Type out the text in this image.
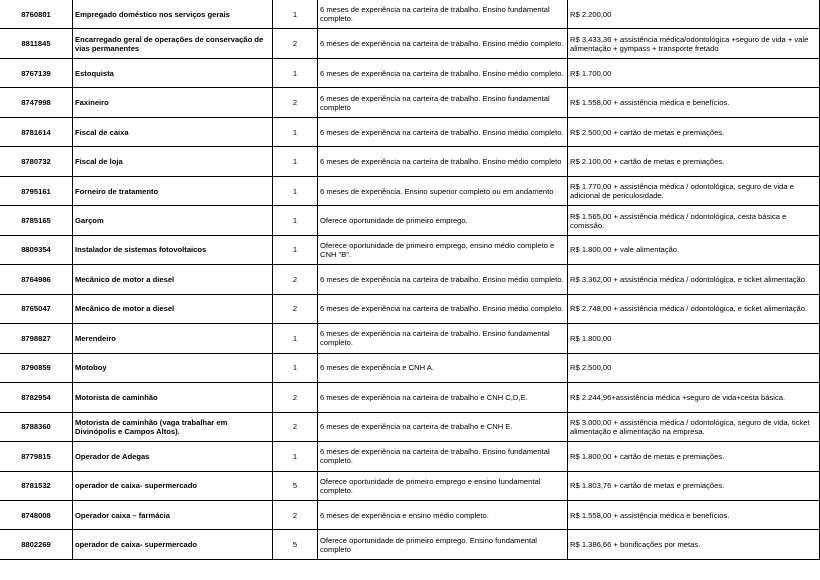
8760801	Empregado doméstico nos serviços gerais	1	6 meses de experiência na carteira de trabalho. Ensino fundamental completo.	R$ 2.200,00
8811845	Encarregado geral de operações de conservação de vias permanentes	2	6 meses de experiência na carteira de trabalho. Ensino médio completo.	R$ 3.433,36 + assistência médica/odontológica +seguro de vida + vale alimentação + gympass + transporte fretado
8767139	Estoquista	1	6 meses de experiência na carteira de trabalho. Ensino médio completo.	R$ 1.700,00
8747998	Faxineiro	2	6 meses de experiência na carteira de trabalho. Ensino fundamental completo	R$ 1.558,00 + assistência médica e benefícios.
8781614	Fiscal de caixa	1	6 meses de experiência na carteira de trabalho. Ensino médio completo.	R$ 2.500,00 + cartão de metas e premiações.
8780732	Fiscal de loja	1	6 meses de experiência na carteira de trabalho. Ensino médio completo	R$ 2.100,00 + cartão de metas e premiações.
8795161	Forneiro de tratamento	1	6 meses de experiência. Ensino superior completo ou em andamento	R$ 1.770,00 + assistência médica / odontológica, seguro de vida e adicional de periculosidade.
8785165	Garçom	1	Oferece oportunidade de primeiro emprego.	R$ 1.565,00 + assistência médica / odontológica, cesta básica e comissão.
8809354	Instalador de sistemas fotovoltaicos	1	Oferece oportunidade de primeiro emprego, ensino médio completo e CNH "B".	R$ 1.800,00 + vale alimentação.
8764986	Mecânico de motor a diesel	2	6 meses de experiência na carteira de trabalho. Ensino médio completo.	R$ 3.362,00 + assistência médica / odontológica, e ticket alimentação.
8765047	Mecânico de motor a diesel	2	6 meses de experiência na carteira de trabalho. Ensino médio completo.	R$ 2.748,00 + assistência médica / odontológica, e ticket alimentação.
8798827	Merendeiro	1	6 meses de experiência na carteira de trabalho. Ensino fundamental completo.	R$ 1.800,00
8790859	Motoboy	1	6 meses de experiência e CNH A.	R$ 2.500,00
8782954	Motorista de caminhão	2	6 meses de experiência na carteira de trabalho e CNH C,D,E.	R$ 2.244,96+assistência médica +seguro de vida+cesta básica.
8788360	Motorista de caminhão (vaga trabalhar em Divinópolis e Campos Altos).	2	6 meses de experiência na carteira de trabalho e CNH E.	R$ 3.000,00 + assistência médica / odontológica, seguro de vida, ticket alimentação e alimentação na empresa.
8779815	Operador de Adegas	1	6 meses de experiência na carteira de trabalho. Ensino fundamental completo.	R$ 1.800,00 + cartão de metas e premiações.
8781532	operador de caixa- supermercado	5	Oferece oportunidade de primeiro emprego e ensino fundamental completo.	R$ 1.803,76 + cartão de metas e premiações.
8748008	Operador caixa – farmácia	2	6 meses de experiência e ensino médio completo.	R$ 1.558,00 + assistência médica e benefícios.
8802269	operador de caixa- supermercado	5	Oferece oportunidade de primeiro emprego. Ensino fundamental completo	R$ 1.386,66 + bonificações por metas.
